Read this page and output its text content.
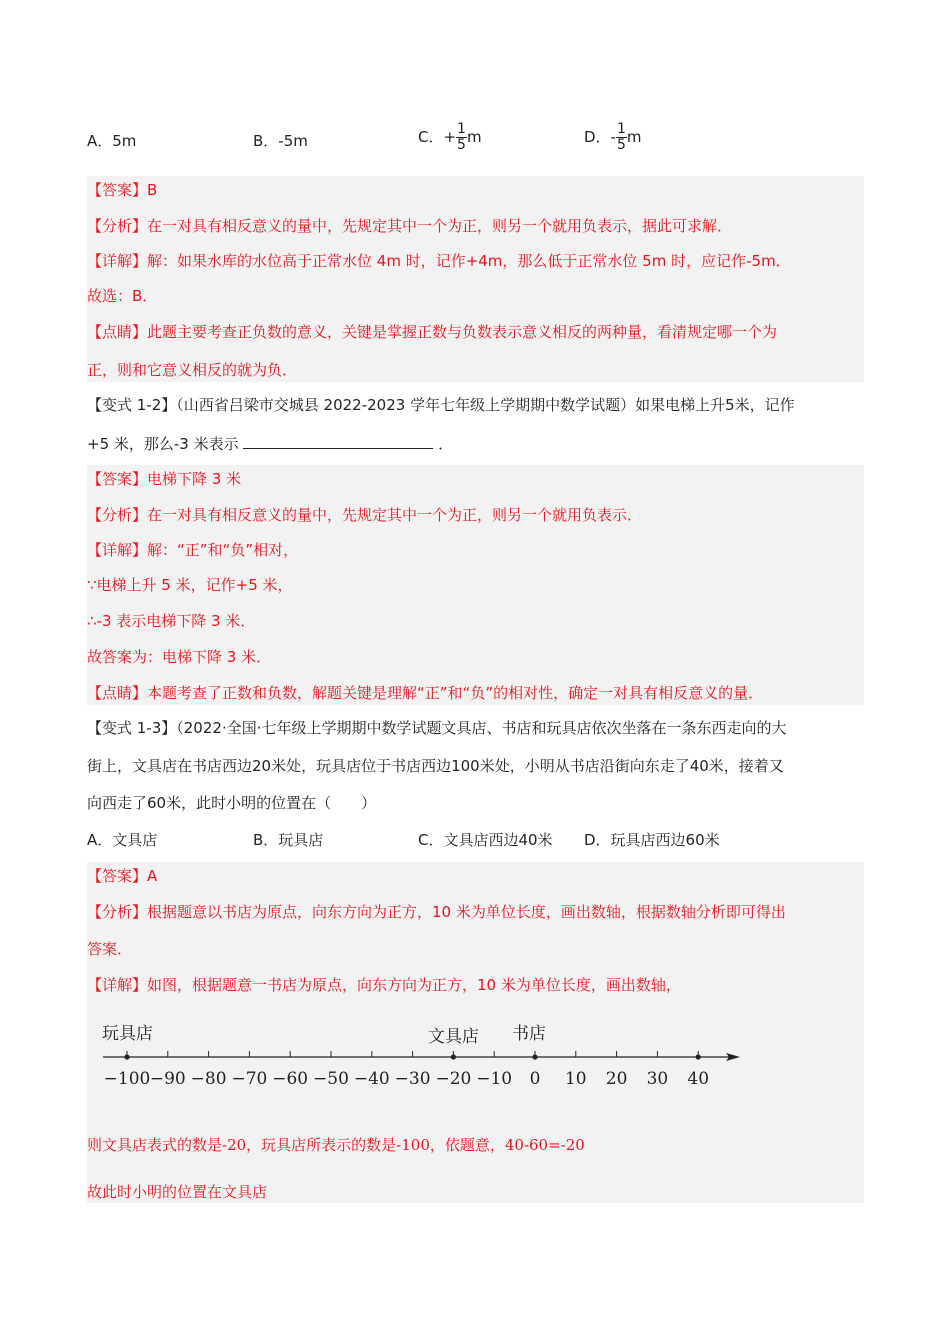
A．5m	B．-5m	C．+ $\frac{1}{5}$ m	D．- $\frac{1}{5}$ m
【答案】B
【分析】在一对具有相反意义的量中，先规定其中一个为正，则另一个就用负表示，据此可求解．
【详解】解：如果水库的水位高于正常水位 4m 时，记作+4m，那么低于正常水位 5m 时，应记作-5m．
故选：B．
【点睛】此题主要考查正负数的意义，关键是掌握正数与负数表示意义相反的两种量，看清规定哪一个为
正，则和它意义相反的就为负．
【变式 1-2】（山西省吕梁市交城县 2022-2023 学年七年级上学期期中数学试题）如果电梯上升5米，记作
+5 米，那么-3 米表示	．
【答案】电梯下降 3 米
【分析】在一对具有相反意义的量中，先规定其中一个为正，则另一个就用负表示．
【详解】解：“正”和“负”相对，
∵电梯上升 5 米，记作+5 米，
∴-3 表示电梯下降 3 米．
故答案为：电梯下降 3 米．
【点睛】本题考查了正数和负数，解题关键是理解“正”和“负”的相对性，确定一对具有相反意义的量．
【变式 1-3】（2022·全国·七年级上学期期中数学试题文具店、书店和玩具店依次坐落在一条东西走向的大
街上，文具店在书店西边20米处，玩具店位于书店西边100米处，小明从书店沿街向东走了40米，接着又
向西走了60米，此时小明的位置在（　　）
A．文具店	B．玩具店	C．文具店西边40米 D．玩具店西边60米
【答案】A
【分析】根据题意以书店为原点，向东方向为正方，10 米为单位长度，画出数轴，根据数轴分析即可得出
答案．
【详解】如图，根据题意一书店为原点，向东方向为正方，10 米为单位长度，画出数轴，
−100 −90 −80 −70 −60 −50 −40 −30 −20 −10 0 10 20 30 40
玩具店	文具店 书店
则文具店表式的数是-20，玩具店所表示的数是-100，依题意，40-60=-20
故此时小明的位置在文具店
